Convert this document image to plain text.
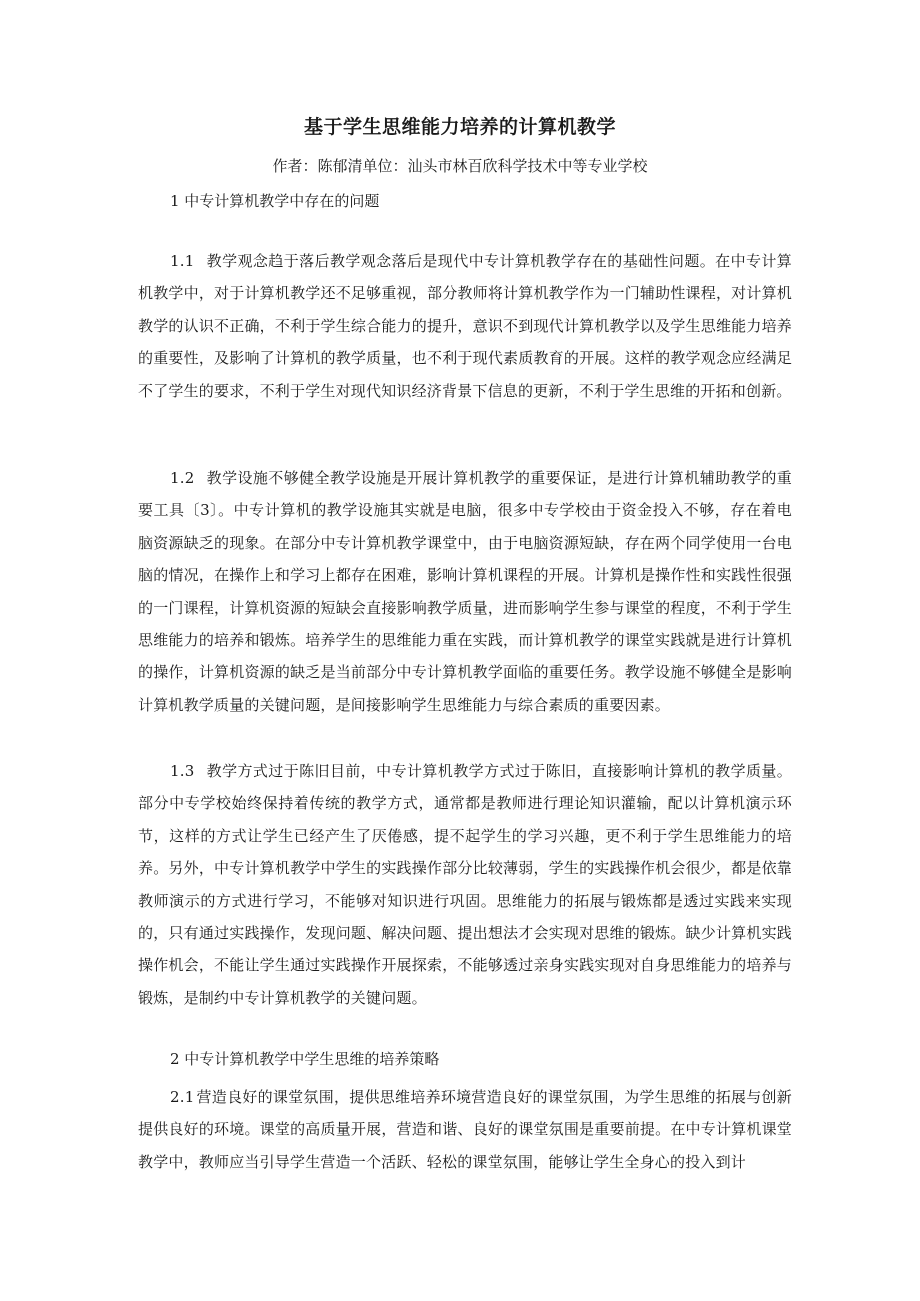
基于学生思维能力培养的计算机教学
作者：陈郁清单位：汕头市林百欣科学技术中等专业学校
1 中专计算机教学中存在的问题
1.1 教学观念趋于落后教学观念落后是现代中专计算机教学存在的基础性问题。在中专计算机教学中，对于计算机教学还不足够重视，部分教师将计算机教学作为一门辅助性课程，对计算机教学的认识不正确，不利于学生综合能力的提升，意识不到现代计算机教学以及学生思维能力培养的重要性，及影响了计算机的教学质量，也不利于现代素质教育的开展。这样的教学观念应经满足不了学生的要求，不利于学生对现代知识经济背景下信息的更新，不利于学生思维的开拓和创新。
1.2 教学设施不够健全教学设施是开展计算机教学的重要保证，是进行计算机辅助教学的重要工具〔3〕。中专计算机的教学设施其实就是电脑，很多中专学校由于资金投入不够，存在着电脑资源缺乏的现象。在部分中专计算机教学课堂中，由于电脑资源短缺，存在两个同学使用一台电脑的情况，在操作上和学习上都存在困难，影响计算机课程的开展。计算机是操作性和实践性很强的一门课程，计算机资源的短缺会直接影响教学质量，进而影响学生参与课堂的程度，不利于学生思维能力的培养和锻炼。培养学生的思维能力重在实践，而计算机教学的课堂实践就是进行计算机的操作，计算机资源的缺乏是当前部分中专计算机教学面临的重要任务。教学设施不够健全是影响计算机教学质量的关键问题，是间接影响学生思维能力与综合素质的重要因素。
1.3 教学方式过于陈旧目前，中专计算机教学方式过于陈旧，直接影响计算机的教学质量。部分中专学校始终保持着传统的教学方式，通常都是教师进行理论知识灌输，配以计算机演示环节，这样的方式让学生已经产生了厌倦感，提不起学生的学习兴趣，更不利于学生思维能力的培养。另外，中专计算机教学中学生的实践操作部分比较薄弱，学生的实践操作机会很少，都是依靠教师演示的方式进行学习，不能够对知识进行巩固。思维能力的拓展与锻炼都是透过实践来实现的，只有通过实践操作，发现问题、解决问题、提出想法才会实现对思维的锻炼。缺少计算机实践操作机会，不能让学生通过实践操作开展探索，不能够透过亲身实践实现对自身思维能力的培养与锻炼，是制约中专计算机教学的关键问题。
2 中专计算机教学中学生思维的培养策略
2.1 营造良好的课堂氛围，提供思维培养环境营造良好的课堂氛围，为学生思维的拓展与创新提供良好的环境。课堂的高质量开展，营造和谐、良好的课堂氛围是重要前提。在中专计算机课堂教学中，教师应当引导学生营造一个活跃、轻松的课堂氛围，能够让学生全身心的投入到计
